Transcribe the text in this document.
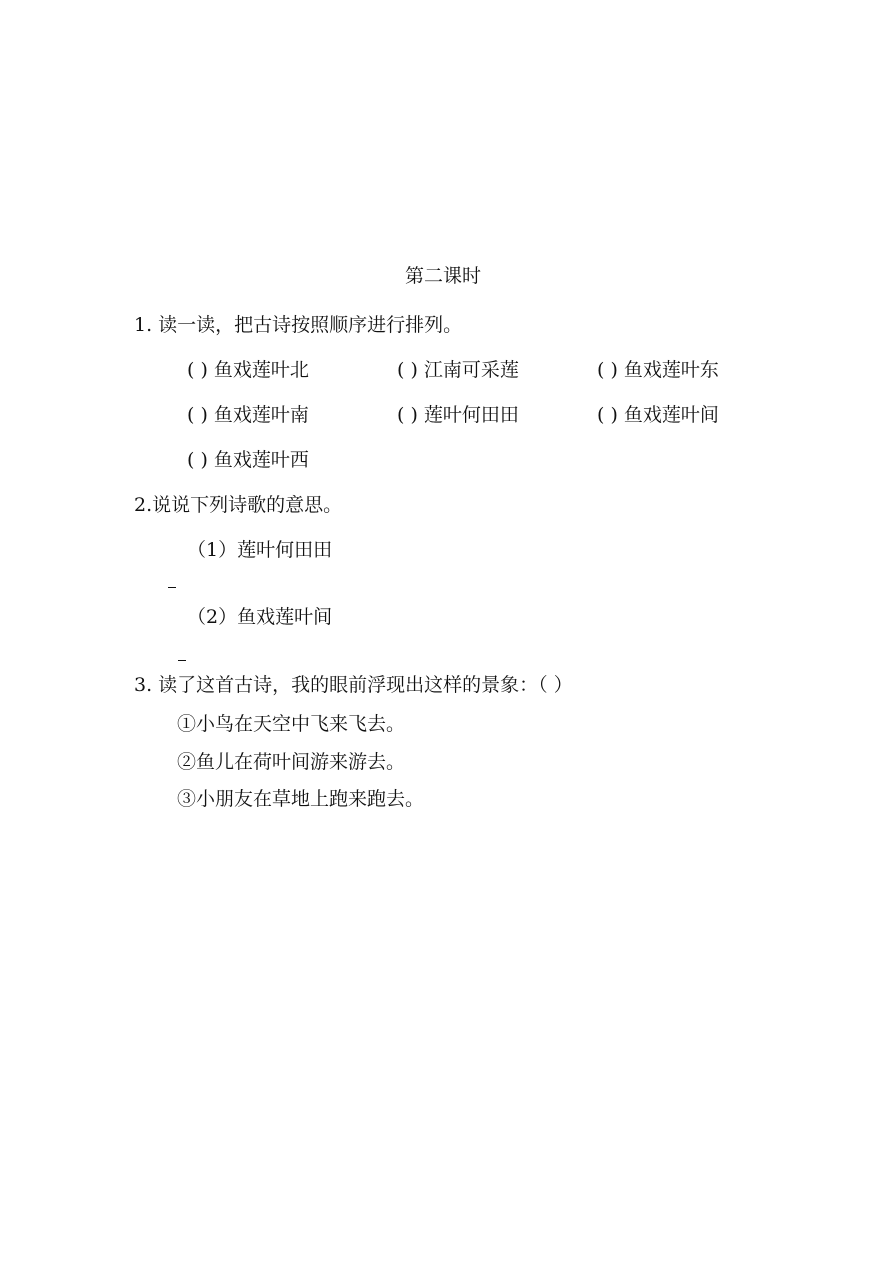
第二课时
1. 读一读，把古诗按照顺序进行排列。
( ) 鱼戏莲叶北	( ) 江南可采莲	( ) 鱼戏莲叶东
( ) 鱼戏莲叶南	( ) 莲叶何田田	( ) 鱼戏莲叶间
( ) 鱼戏莲叶西
2.说说下列诗歌的意思。
（1）莲叶何田田
（2）鱼戏莲叶间
3. 读了这首古诗，我的眼前浮现出这样的景象：（ ）
①小鸟在天空中飞来飞去。
②鱼儿在荷叶间游来游去。
③小朋友在草地上跑来跑去。
